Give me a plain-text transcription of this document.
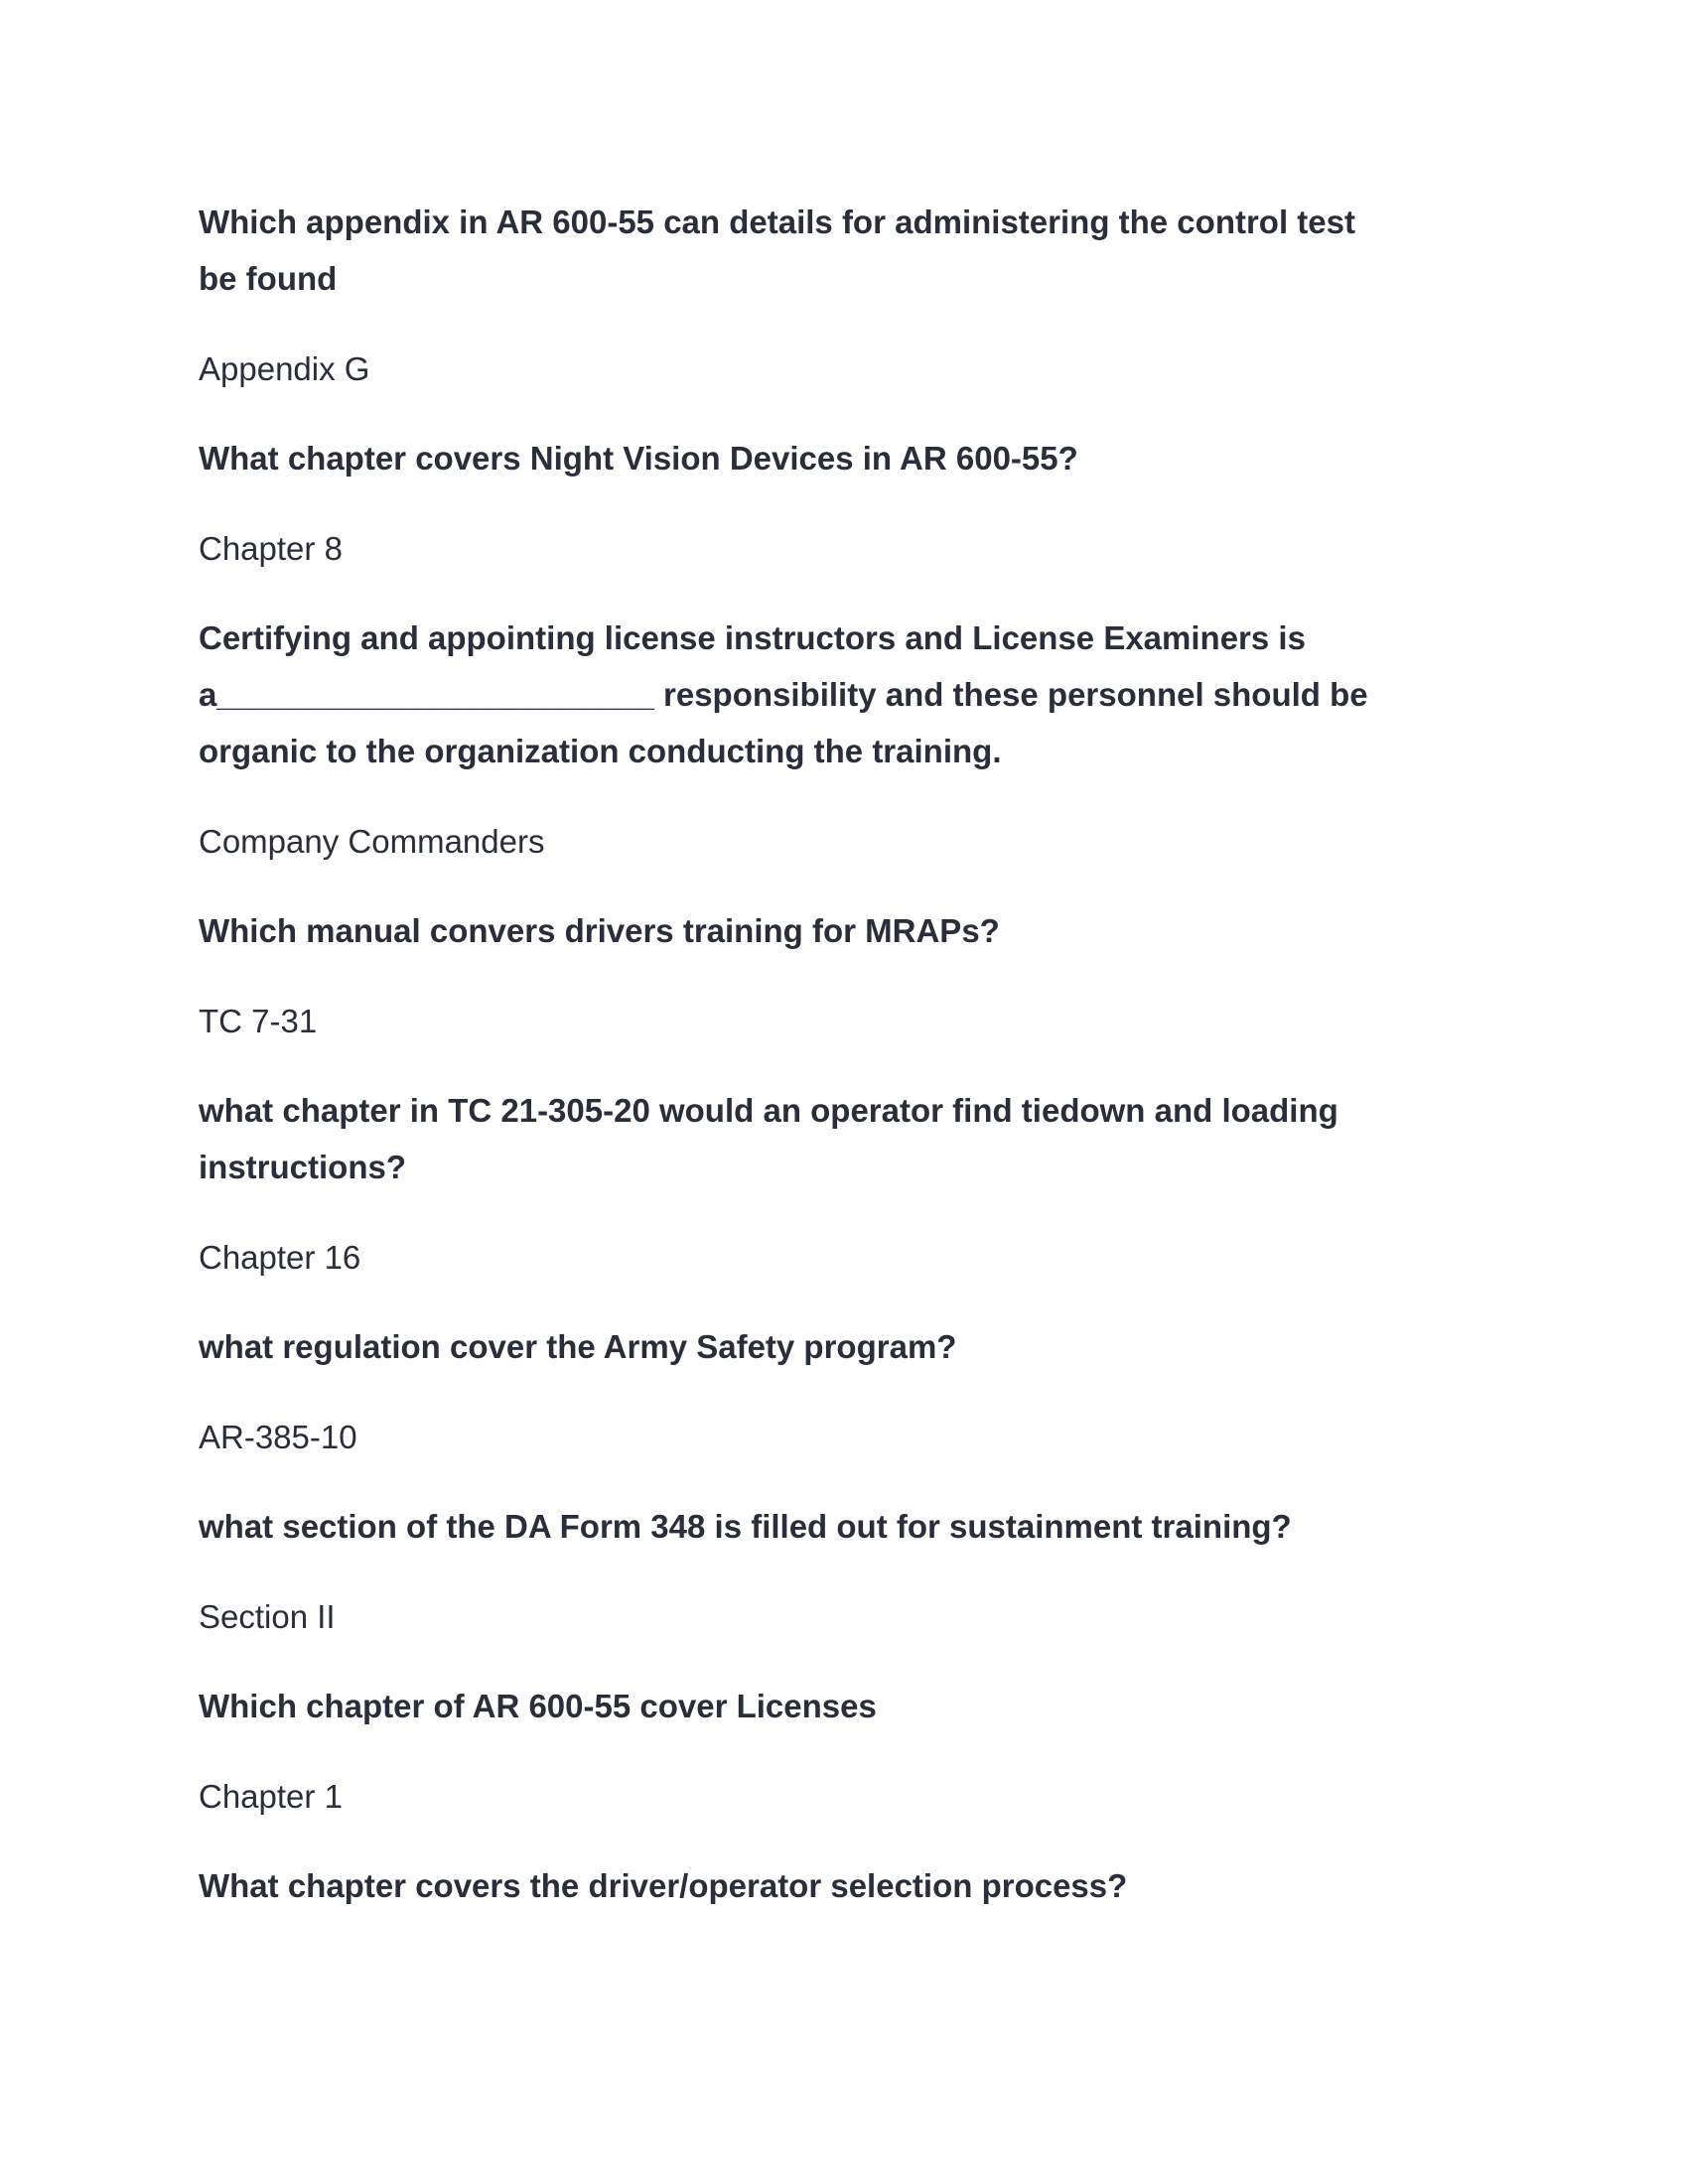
Which appendix in AR 600-55 can details for administering the control test be found

Appendix G

What chapter covers Night Vision Devices in AR 600-55?

Chapter 8

Certifying and appointing license instructors and License Examiners is a________________________ responsibility and these personnel should be organic to the organization conducting the training.

Company Commanders

Which manual convers drivers training for MRAPs?

TC 7-31

what chapter in TC 21-305-20 would an operator find tiedown and loading instructions?

Chapter 16

what regulation cover the Army Safety program?

AR-385-10

what section of the DA Form 348 is filled out for sustainment training?

Section II

Which chapter of AR 600-55 cover Licenses

Chapter 1

What chapter covers the driver/operator selection process?
